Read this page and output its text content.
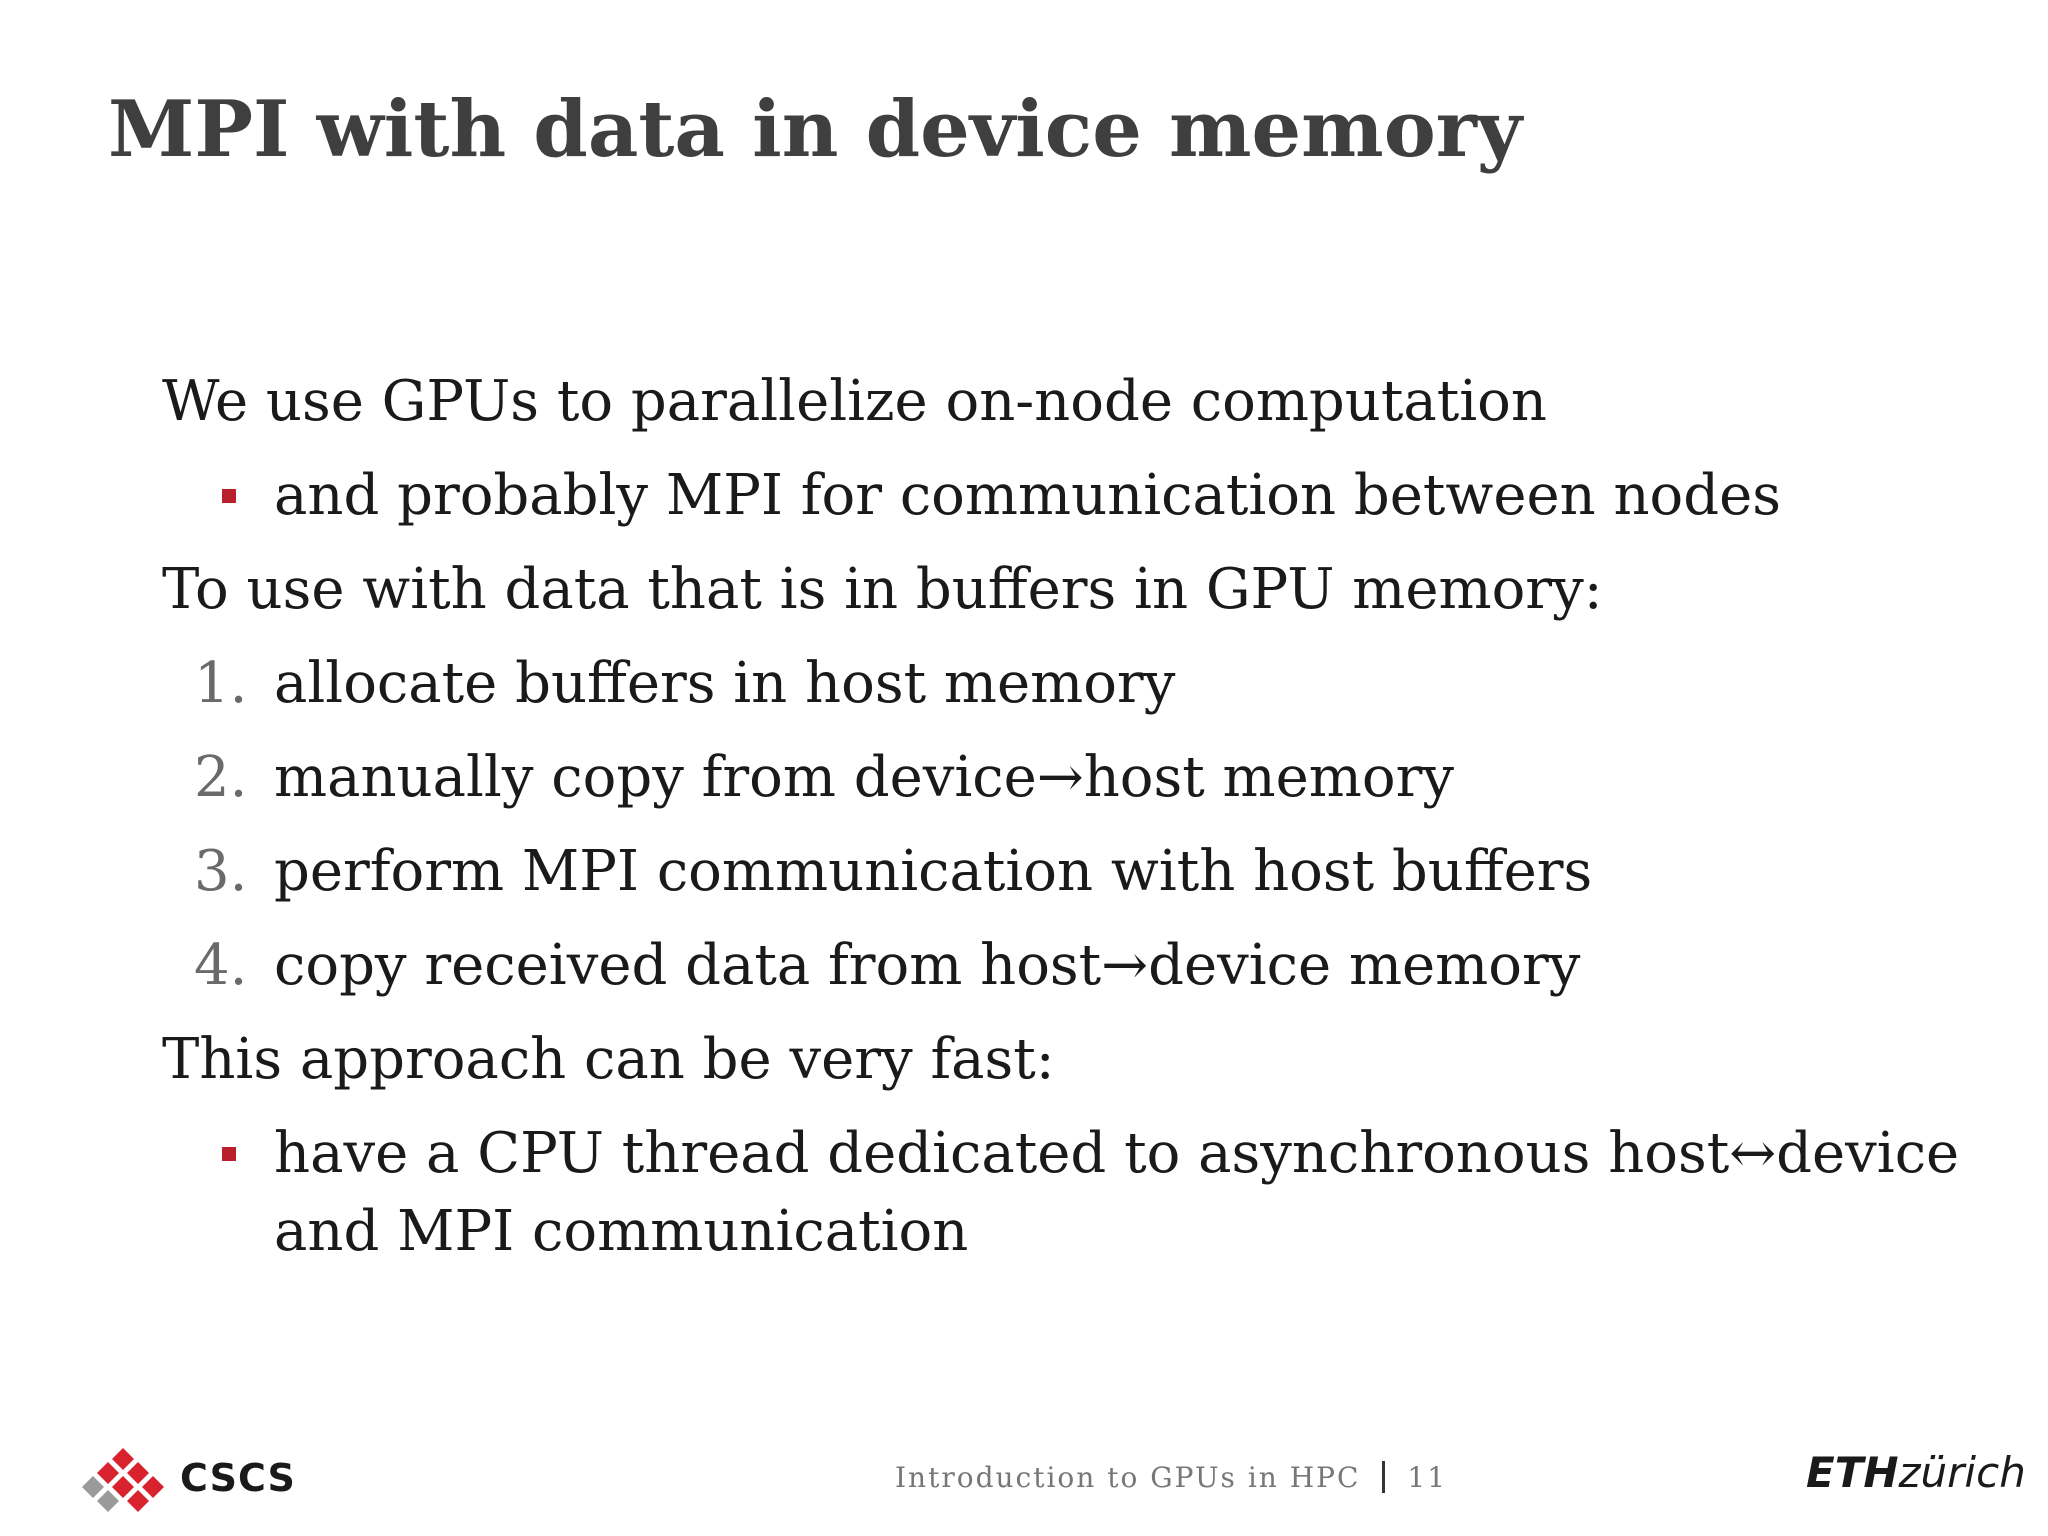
MPI with data in device memory
We use GPUs to parallelize on-node computation
and probably MPI for communication between nodes
To use with data that is in buffers in GPU memory:
1. allocate buffers in host memory
2. manually copy from device→host memory
3. perform MPI communication with host buffers
4. copy received data from host→device memory
This approach can be very fast:
have a CPU thread dedicated to asynchronous host↔device and MPI communication
CSCS	Introduction to GPUs in HPC 11	ETHzürich
